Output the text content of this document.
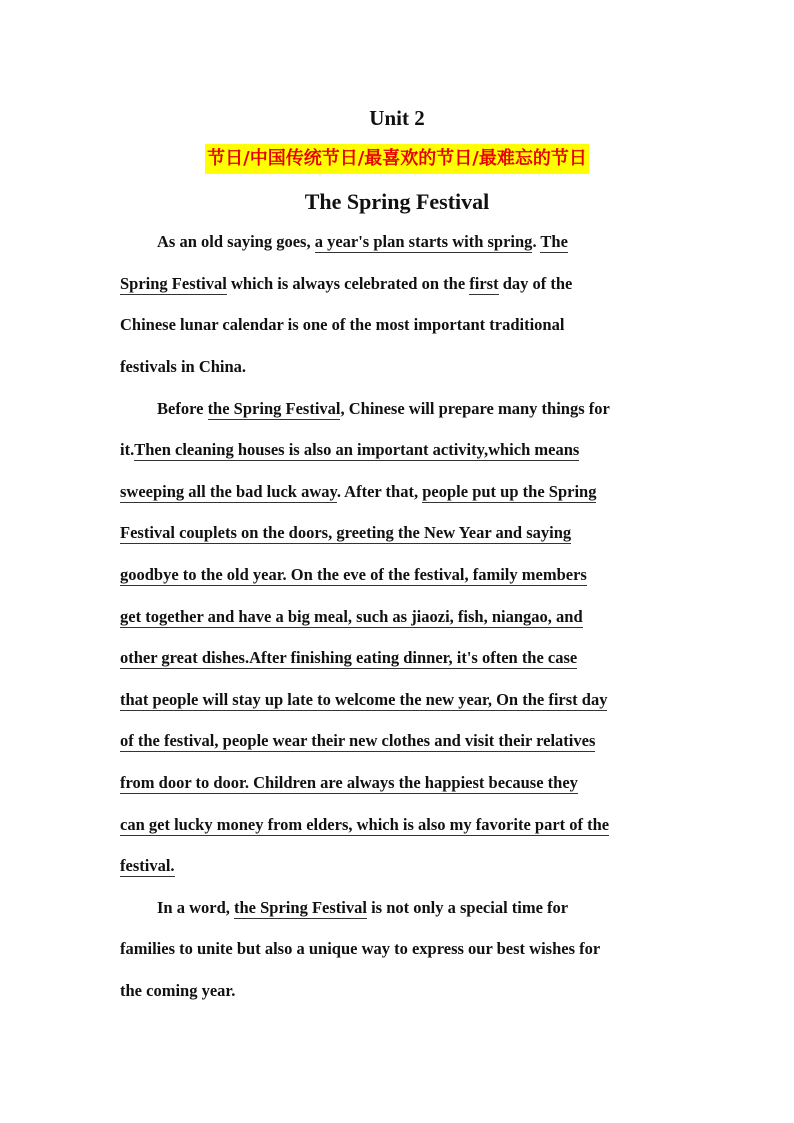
Unit 2
节日/中国传统节日/最喜欢的节日/最难忘的节日
The Spring Festival
As an old saying goes, a year's plan starts with spring. The
Spring Festival which is always celebrated on the first day of the
Chinese lunar calendar is one of the most important traditional
festivals in China.
Before the Spring Festival, Chinese will prepare many things for
it.Then cleaning houses is also an important activity,which means
sweeping all the bad luck away. After that, people put up the Spring
Festival couplets on the doors, greeting the New Year and saying
goodbye to the old year. On the eve of the festival, family members
get together and have a big meal, such as jiaozi, fish, niangao, and
other great dishes.After finishing eating dinner, it's often the case
that people will stay up late to welcome the new year, On the first day
of the festival, people wear their new clothes and visit their relatives
from door to door. Children are always the happiest because they
can get lucky money from elders, which is also my favorite part of the
festival.
In a word, the Spring Festival is not only a special time for
families to unite but also a unique way to express our best wishes for
the coming year.
